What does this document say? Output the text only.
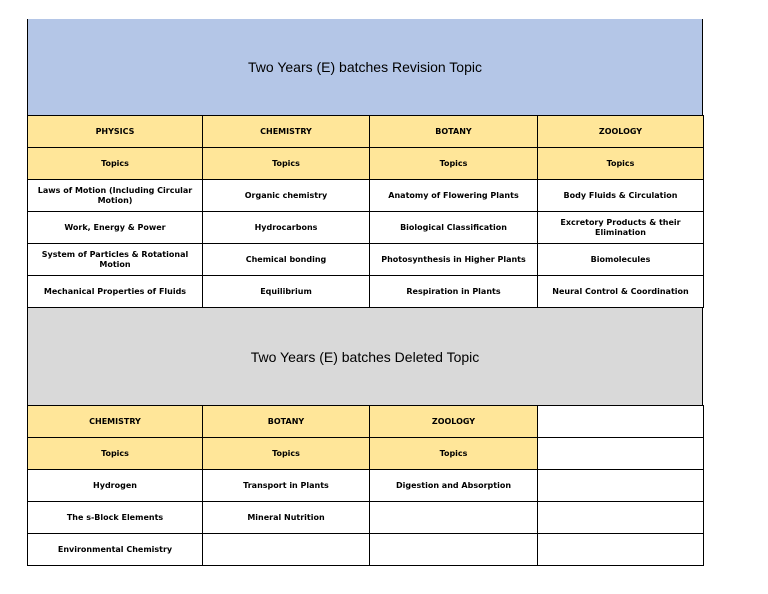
Two Years (E) batches Revision Topic
PHYSICS	CHEMISTRY	BOTANY	ZOOLOGY
Topics	Topics	Topics	Topics
Laws of Motion (Including Circular Motion)	Organic chemistry	Anatomy of Flowering Plants	Body Fluids & Circulation
Work, Energy & Power	Hydrocarbons	Biological Classification	Excretory Products & their Elimination
System of Particles & Rotational Motion	Chemical bonding	Photosynthesis in Higher Plants	Biomolecules
Mechanical Properties of Fluids	Equilibrium	Respiration in Plants	Neural Control & Coordination
Two Years (E) batches Deleted Topic
CHEMISTRY	BOTANY	ZOOLOGY	
Topics	Topics	Topics	
Hydrogen	Transport in Plants	Digestion and Absorption	
The s-Block Elements	Mineral Nutrition		
Environmental Chemistry			
